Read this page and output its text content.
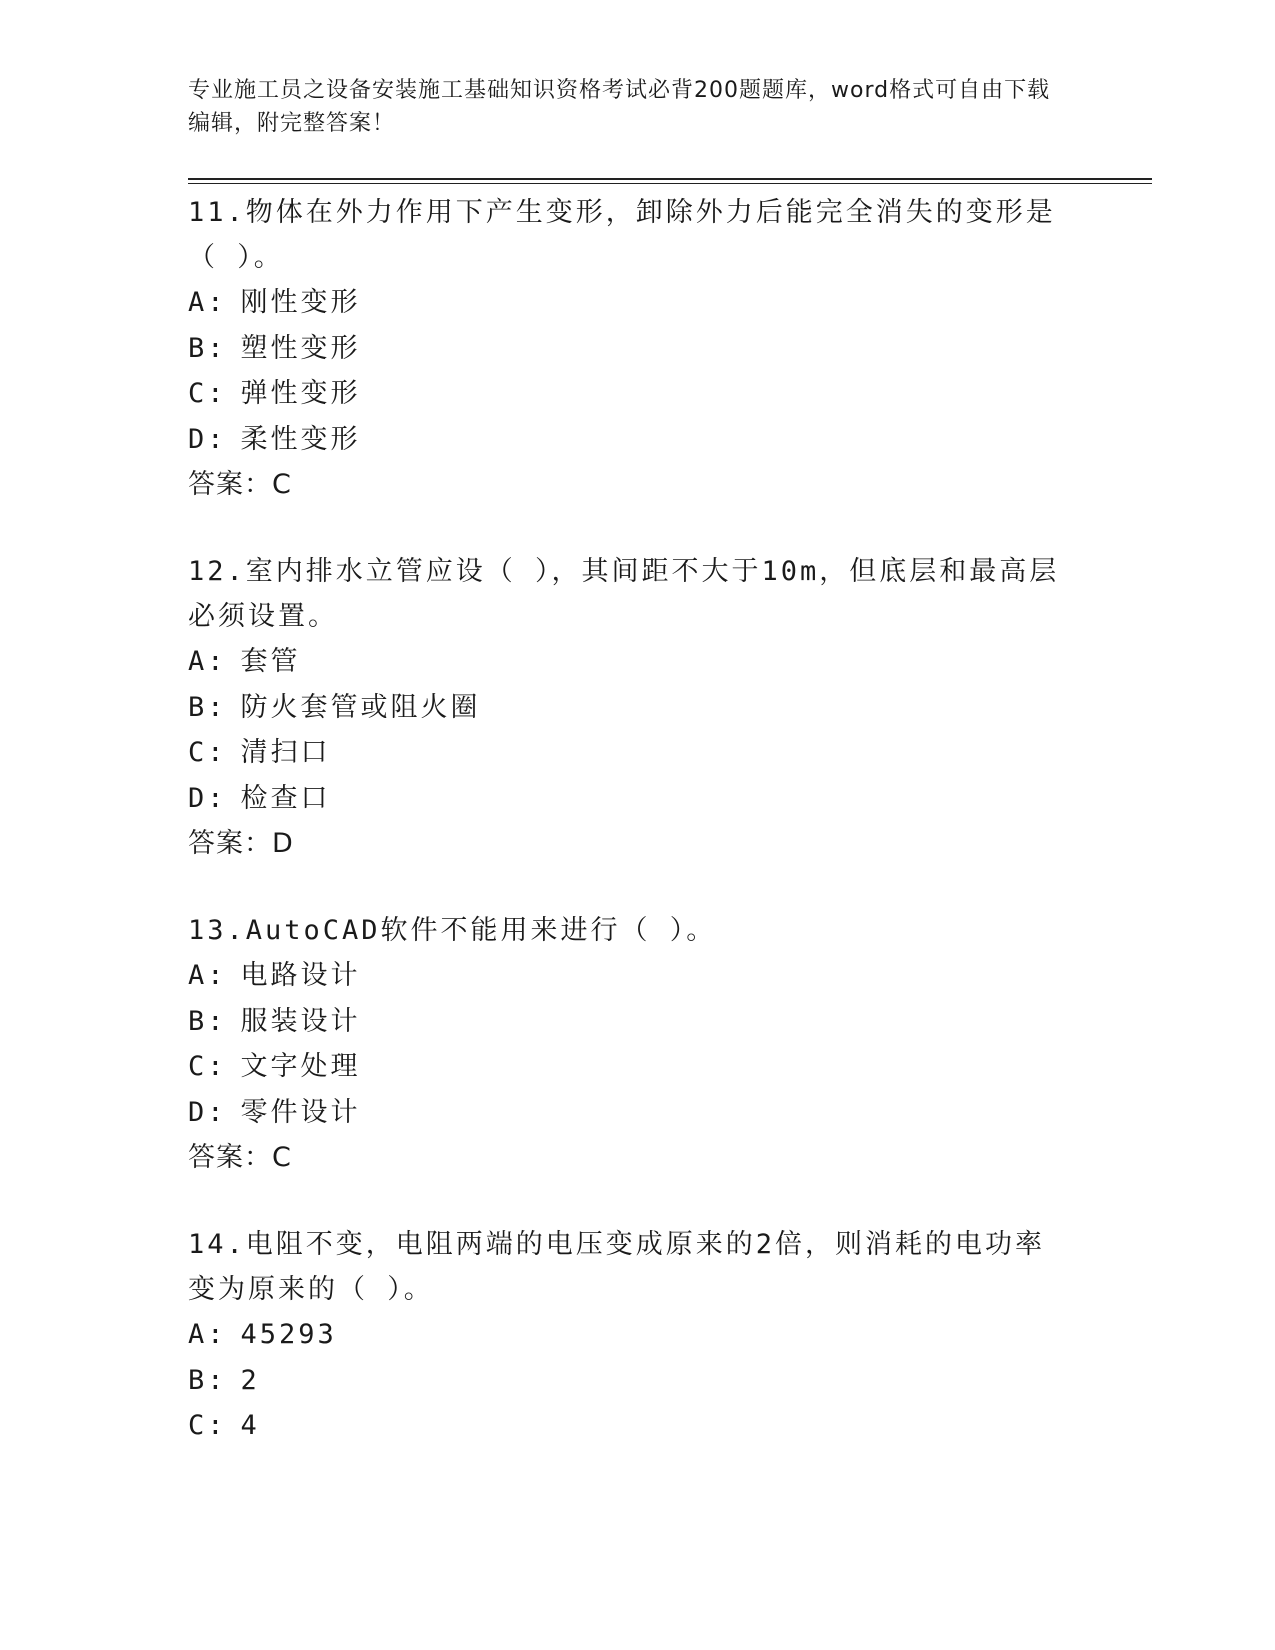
专业施工员之设备安装施工基础知识资格考试必背200题题库，word格式可自由下载编辑，附完整答案！
11.物体在外力作用下产生变形，卸除外力后能完全消失的变形是（ ）。
A: 刚性变形
B: 塑性变形
C: 弹性变形
D: 柔性变形
答案：C
12.室内排水立管应设（ ），其间距不大于10m，但底层和最高层必须设置。
A: 套管
B: 防火套管或阻火圈
C: 清扫口
D: 检查口
答案：D
13.AutoCAD软件不能用来进行（ ）。
A: 电路设计
B: 服装设计
C: 文字处理
D: 零件设计
答案：C
14.电阻不变，电阻两端的电压变成原来的2倍，则消耗的电功率变为原来的（ ）。
A: 45293
B: 2
C: 4
